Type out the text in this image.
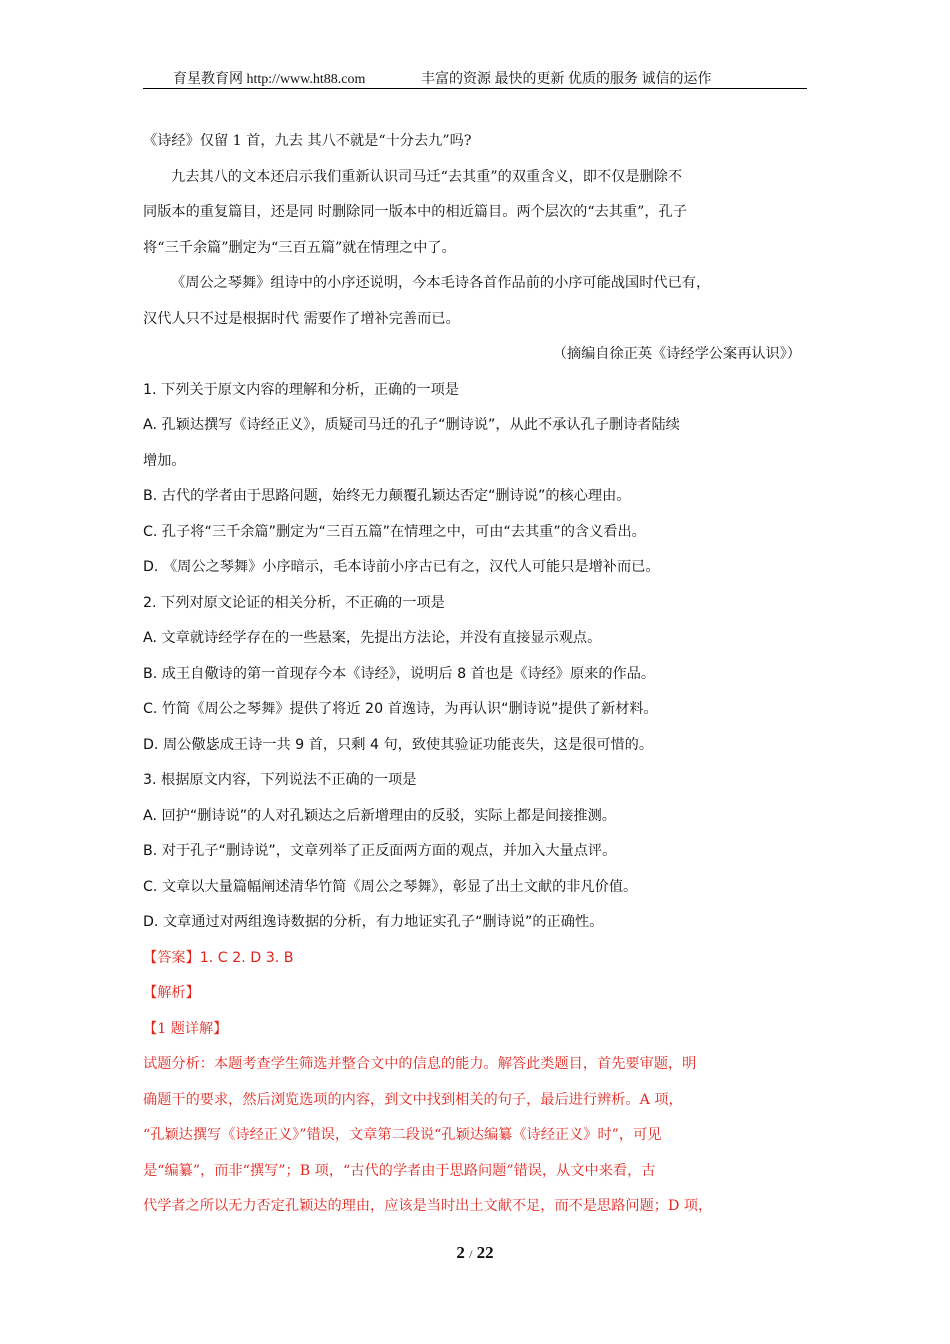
育星教育网 http://www.ht88.com	丰富的资源 最快的更新 优质的服务 诚信的运作
《诗经》仅留 1 首，九去 其八不就是“十分去九”吗?
九去其八的文本还启示我们重新认识司马迁“去其重”的双重含义，即不仅是删除不
同版本的重复篇目，还是同 时删除同一版本中的相近篇目。两个层次的“去其重”，孔子
将“三千余篇”删定为“三百五篇”就在情理之中了。
《周公之琴舞》组诗中的小序还说明，今本毛诗各首作品前的小序可能战国时代已有，
汉代人只不过是根据时代 需要作了增补完善而已。
（摘编自徐正英《诗经学公案再认识》）
1. 下列关于原文内容的理解和分析，正确的一项是
A. 孔颖达撰写《诗经正义》，质疑司马迁的孔子“删诗说”，从此不承认孔子删诗者陆续
增加。
B. 古代的学者由于思路问题，始终无力颠覆孔颖达否定“删诗说”的核心理由。
C. 孔子将“三千余篇”删定为“三百五篇”在情理之中，可由“去其重”的含义看出。
D. 《周公之琴舞》小序暗示，毛本诗前小序古已有之，汉代人可能只是增补而已。
2. 下列对原文论证的相关分析，不正确的一项是
A. 文章就诗经学存在的一些悬案，先提出方法论，并没有直接显示观点。
B. 成王自儆诗的第一首现存今本《诗经》，说明后 8 首也是《诗经》原来的作品。
C. 竹简《周公之琴舞》提供了将近 20 首逸诗，为再认识“删诗说”提供了新材料。
D. 周公儆毖成王诗一共 9 首，只剩 4 句，致使其验证功能丧失，这是很可惜的。
3. 根据原文内容，下列说法不正确的一项是
A. 回护“删诗说”的人对孔颖达之后新增理由的反驳，实际上都是间接推测。
B. 对于孔子“删诗说”，文章列举了正反面两方面的观点，并加入大量点评。
C. 文章以大量篇幅阐述清华竹简《周公之琴舞》，彰显了出土文献的非凡价值。
D. 文章通过对两组逸诗数据的分析，有力地证实孔子“删诗说”的正确性。
【答案】1. C 2. D 3. B
【解析】
【1 题详解】
试题分析：本题考查学生筛选并整合文中的信息的能力。解答此类题目，首先要审题，明
确题干的要求，然后浏览选项的内容，到文中找到相关的句子，最后进行辨析。A 项，
“孔颖达撰写《诗经正义》”错误，文章第二段说“孔颖达编纂《诗经正义》时”，可见
是“编纂”，而非“撰写”；B 项，“古代的学者由于思路问题”错误，从文中来看，古
代学者之所以无力否定孔颖达的理由，应该是当时出土文献不足，而不是思路问题；D 项，
2 / 22
